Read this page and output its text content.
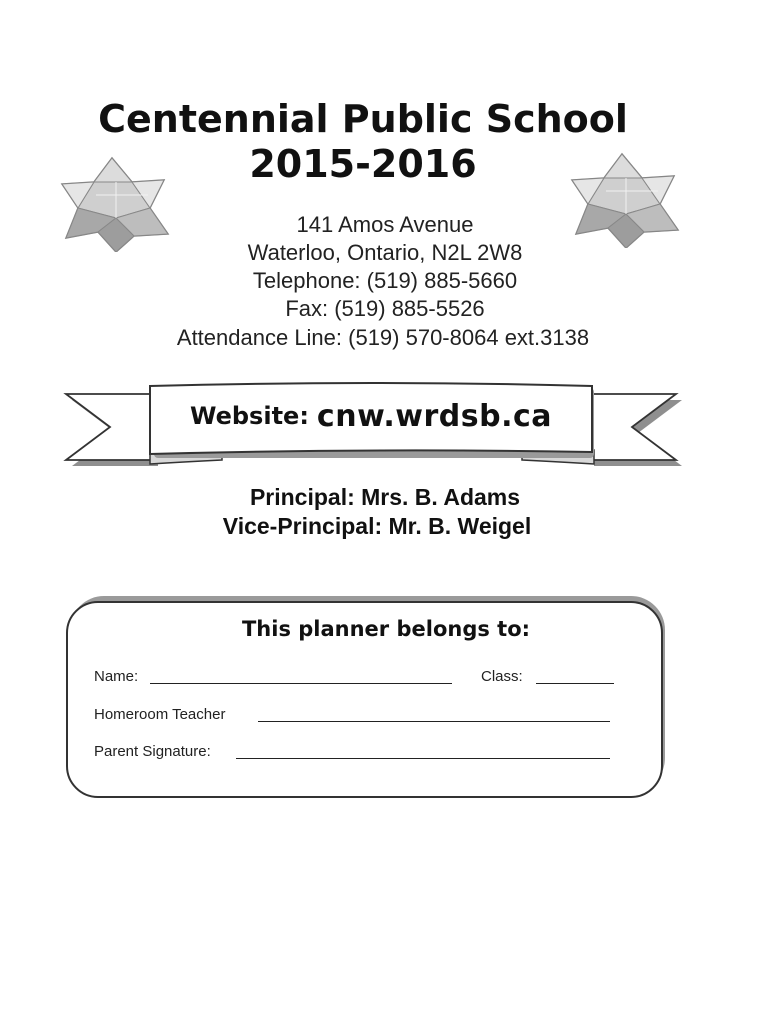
Centennial Public School
2015-2016
141 Amos Avenue
Waterloo, Ontario, N2L 2W8
Telephone: (519) 885-5660
Fax: (519) 885-5526
Attendance Line: (519) 570-8064 ext.3138
Website: cnw.wrdsb.ca
Principal: Mrs. B. Adams
Vice-Principal: Mr. B. Weigel
This planner belongs to:
Name:	Class:
Homeroom Teacher
Parent Signature:
